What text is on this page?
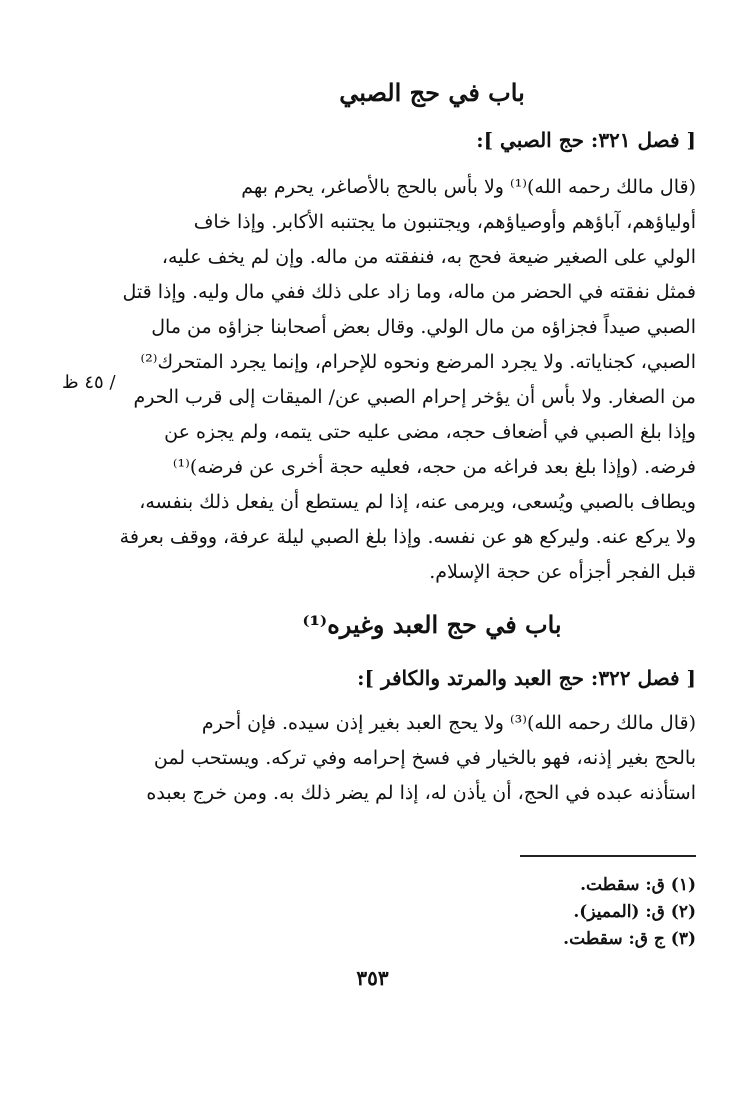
باب في حج الصبي
[ فصل ٣٢١: حج الصبي ]:
(قال مالك رحمه الله)⁽¹⁾ ولا بأس بالحج بالأصاغر، يحرم بهم
أولياؤهم، آباؤهم وأوصياؤهم، ويجتنبون ما يجتنبه الأكابر. وإذا خاف
الولي على الصغير ضيعة فحج به، فنفقته من ماله. وإن لم يخف عليه،
فمثل نفقته في الحضر من ماله، وما زاد على ذلك ففي مال وليه. وإذا قتل
الصبي صيداً فجزاؤه من مال الولي. وقال بعض أصحابنا جزاؤه من مال
الصبي، كجناياته. ولا يجرد المرضع ونحوه للإحرام، وإنما يجرد المتحرك⁽²⁾
من الصغار. ولا بأس أن يؤخر إحرام الصبي عن/ الميقات إلى قرب الحرم
وإذا بلغ الصبي في أضعاف حجه، مضى عليه حتى يتمه، ولم يجزه عن
فرضه. (وإذا بلغ بعد فراغه من حجه، فعليه حجة أخرى عن فرضه)⁽¹⁾
ويطاف بالصبي ويُسعى، ويرمى عنه، إذا لم يستطع أن يفعل ذلك بنفسه،
ولا يركع عنه. وليركع هو عن نفسه. وإذا بلغ الصبي ليلة عرفة، ووقف بعرفة
قبل الفجر أجزأه عن حجة الإسلام.
/ ٤٥ ظ
باب في حج العبد وغيره⁽¹⁾
[ فصل ٣٢٢: حج العبد والمرتد والكافر ]:
(قال مالك رحمه الله)⁽³⁾ ولا يحج العبد بغير إذن سيده. فإن أحرم
بالحج بغير إذنه، فهو بالخيار في فسخ إحرامه وفي تركه. ويستحب لمن
استأذنه عبده في الحج، أن يأذن له، إذا لم يضر ذلك به. ومن خرج بعبده
(١) ق: سقطت.
(٢) ق: (المميز).
(٣) ج ق: سقطت.
٣٥٣
